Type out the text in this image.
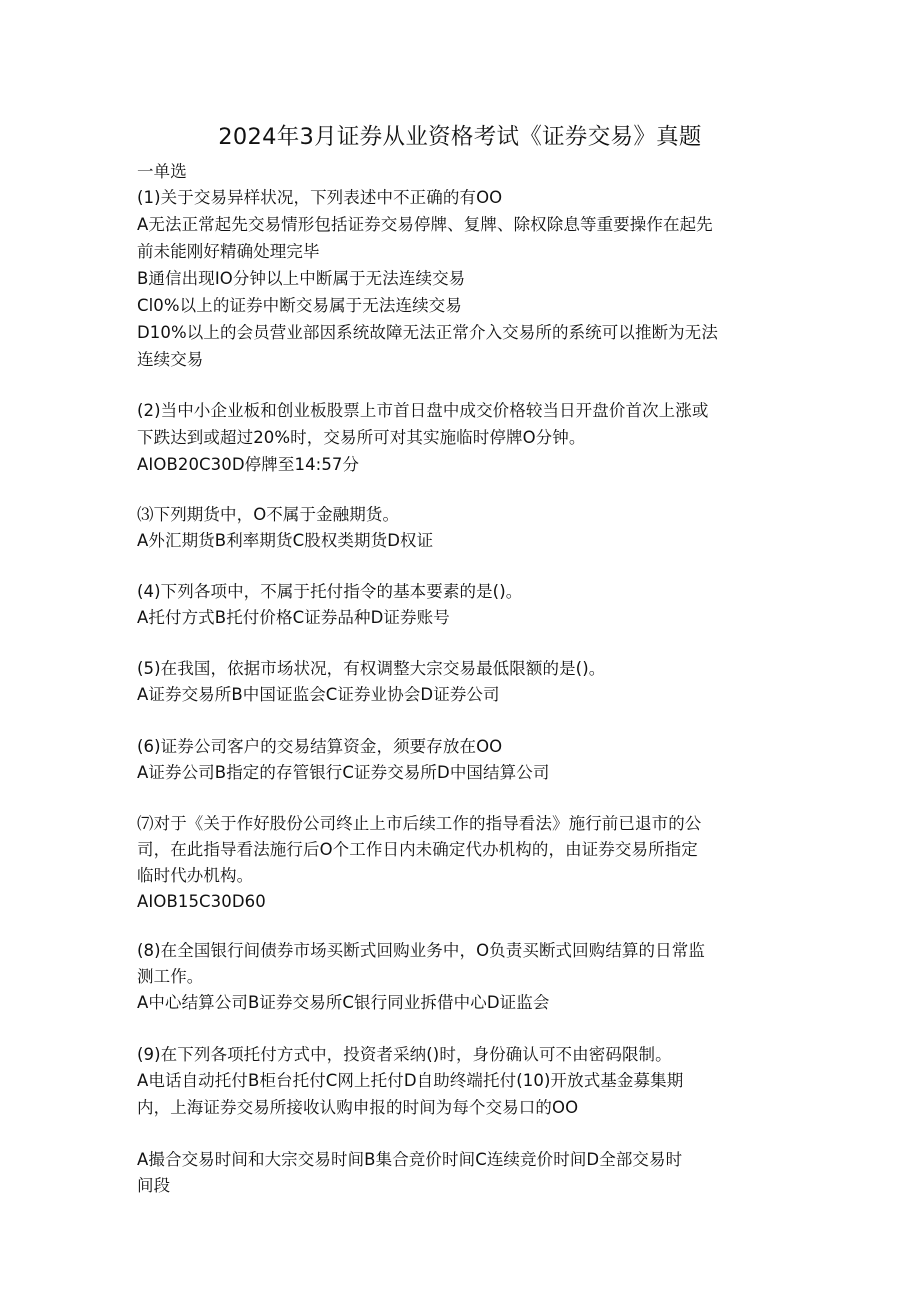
2024年3月证券从业资格考试《证券交易》真题
一单选
(1)关于交易异样状况，下列表述中不正确的有OO
A无法正常起先交易情形包括证券交易停牌、复牌、除权除息等重要操作在起先
前未能刚好精确处理完毕
B通信出现IO分钟以上中断属于无法连续交易
Cl0%以上的证券中断交易属于无法连续交易
D10%以上的会员营业部因系统故障无法正常介入交易所的系统可以推断为无法
连续交易
(2)当中小企业板和创业板股票上市首日盘中成交价格较当日开盘价首次上涨或
下跌达到或超过20%时，交易所可对其实施临时停牌O分钟。
AIOB20C30D停牌至14:57分
⑶下列期货中，O不属于金融期货。
A外汇期货B利率期货C股权类期货D权证
(4)下列各项中，不属于托付指令的基本要素的是()。
A托付方式B托付价格C证券品种D证券账号
(5)在我国，依据市场状况，有权调整大宗交易最低限额的是()。
A证券交易所B中国证监会C证券业协会D证券公司
(6)证券公司客户的交易结算资金，须要存放在OO
A证券公司B指定的存管银行C证券交易所D中国结算公司
⑺对于《关于作好股份公司终止上市后续工作的指导看法》施行前已退市的公
司，在此指导看法施行后O个工作日内未确定代办机构的，由证券交易所指定
临时代办机构。
AIOB15C30D60
(8)在全国银行间债券市场买断式回购业务中，O负责买断式回购结算的日常监
测工作。
A中心结算公司B证券交易所C银行同业拆借中心D证监会
(9)在下列各项托付方式中，投资者采纳()时，身份确认可不由密码限制。
A电话自动托付B柜台托付C网上托付D自助终端托付(10)开放式基金募集期
内，上海证券交易所接收认购申报的时间为每个交易口的OO
A撮合交易时间和大宗交易时间B集合竞价时间C连续竞价时间D全部交易时
间段
